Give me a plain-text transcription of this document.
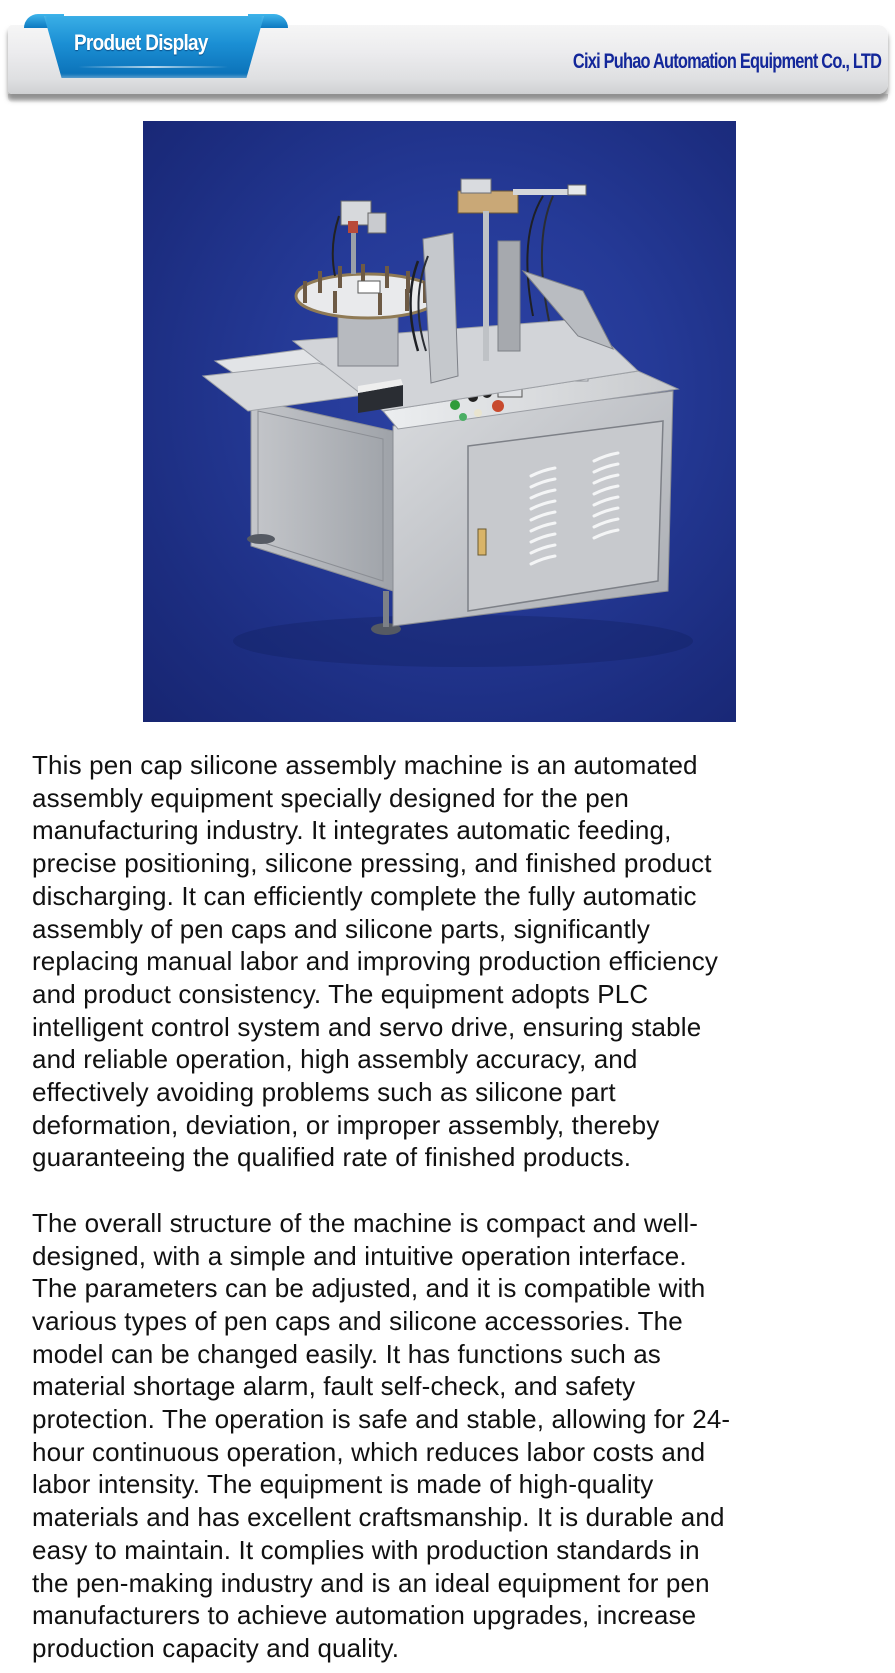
Produet Display
Cixi Puhao Automation Equipment Co., LTD

This pen cap silicone assembly machine is an automated
assembly equipment specially designed for the pen
manufacturing industry. It integrates automatic feeding,
precise positioning, silicone pressing, and finished product
discharging. It can efficiently complete the fully automatic
assembly of pen caps and silicone parts, significantly
replacing manual labor and improving production efficiency
and product consistency. The equipment adopts PLC
intelligent control system and servo drive, ensuring stable
and reliable operation, high assembly accuracy, and
effectively avoiding problems such as silicone part
deformation, deviation, or improper assembly, thereby
guaranteeing the qualified rate of finished products.

The overall structure of the machine is compact and well-
designed, with a simple and intuitive operation interface.
The parameters can be adjusted, and it is compatible with
various types of pen caps and silicone accessories. The
model can be changed easily. It has functions such as
material shortage alarm, fault self-check, and safety
protection. The operation is safe and stable, allowing for 24-
hour continuous operation, which reduces labor costs and
labor intensity. The equipment is made of high-quality
materials and has excellent craftsmanship. It is durable and
easy to maintain. It complies with production standards in
the pen-making industry and is an ideal equipment for pen
manufacturers to achieve automation upgrades, increase
production capacity and quality.
